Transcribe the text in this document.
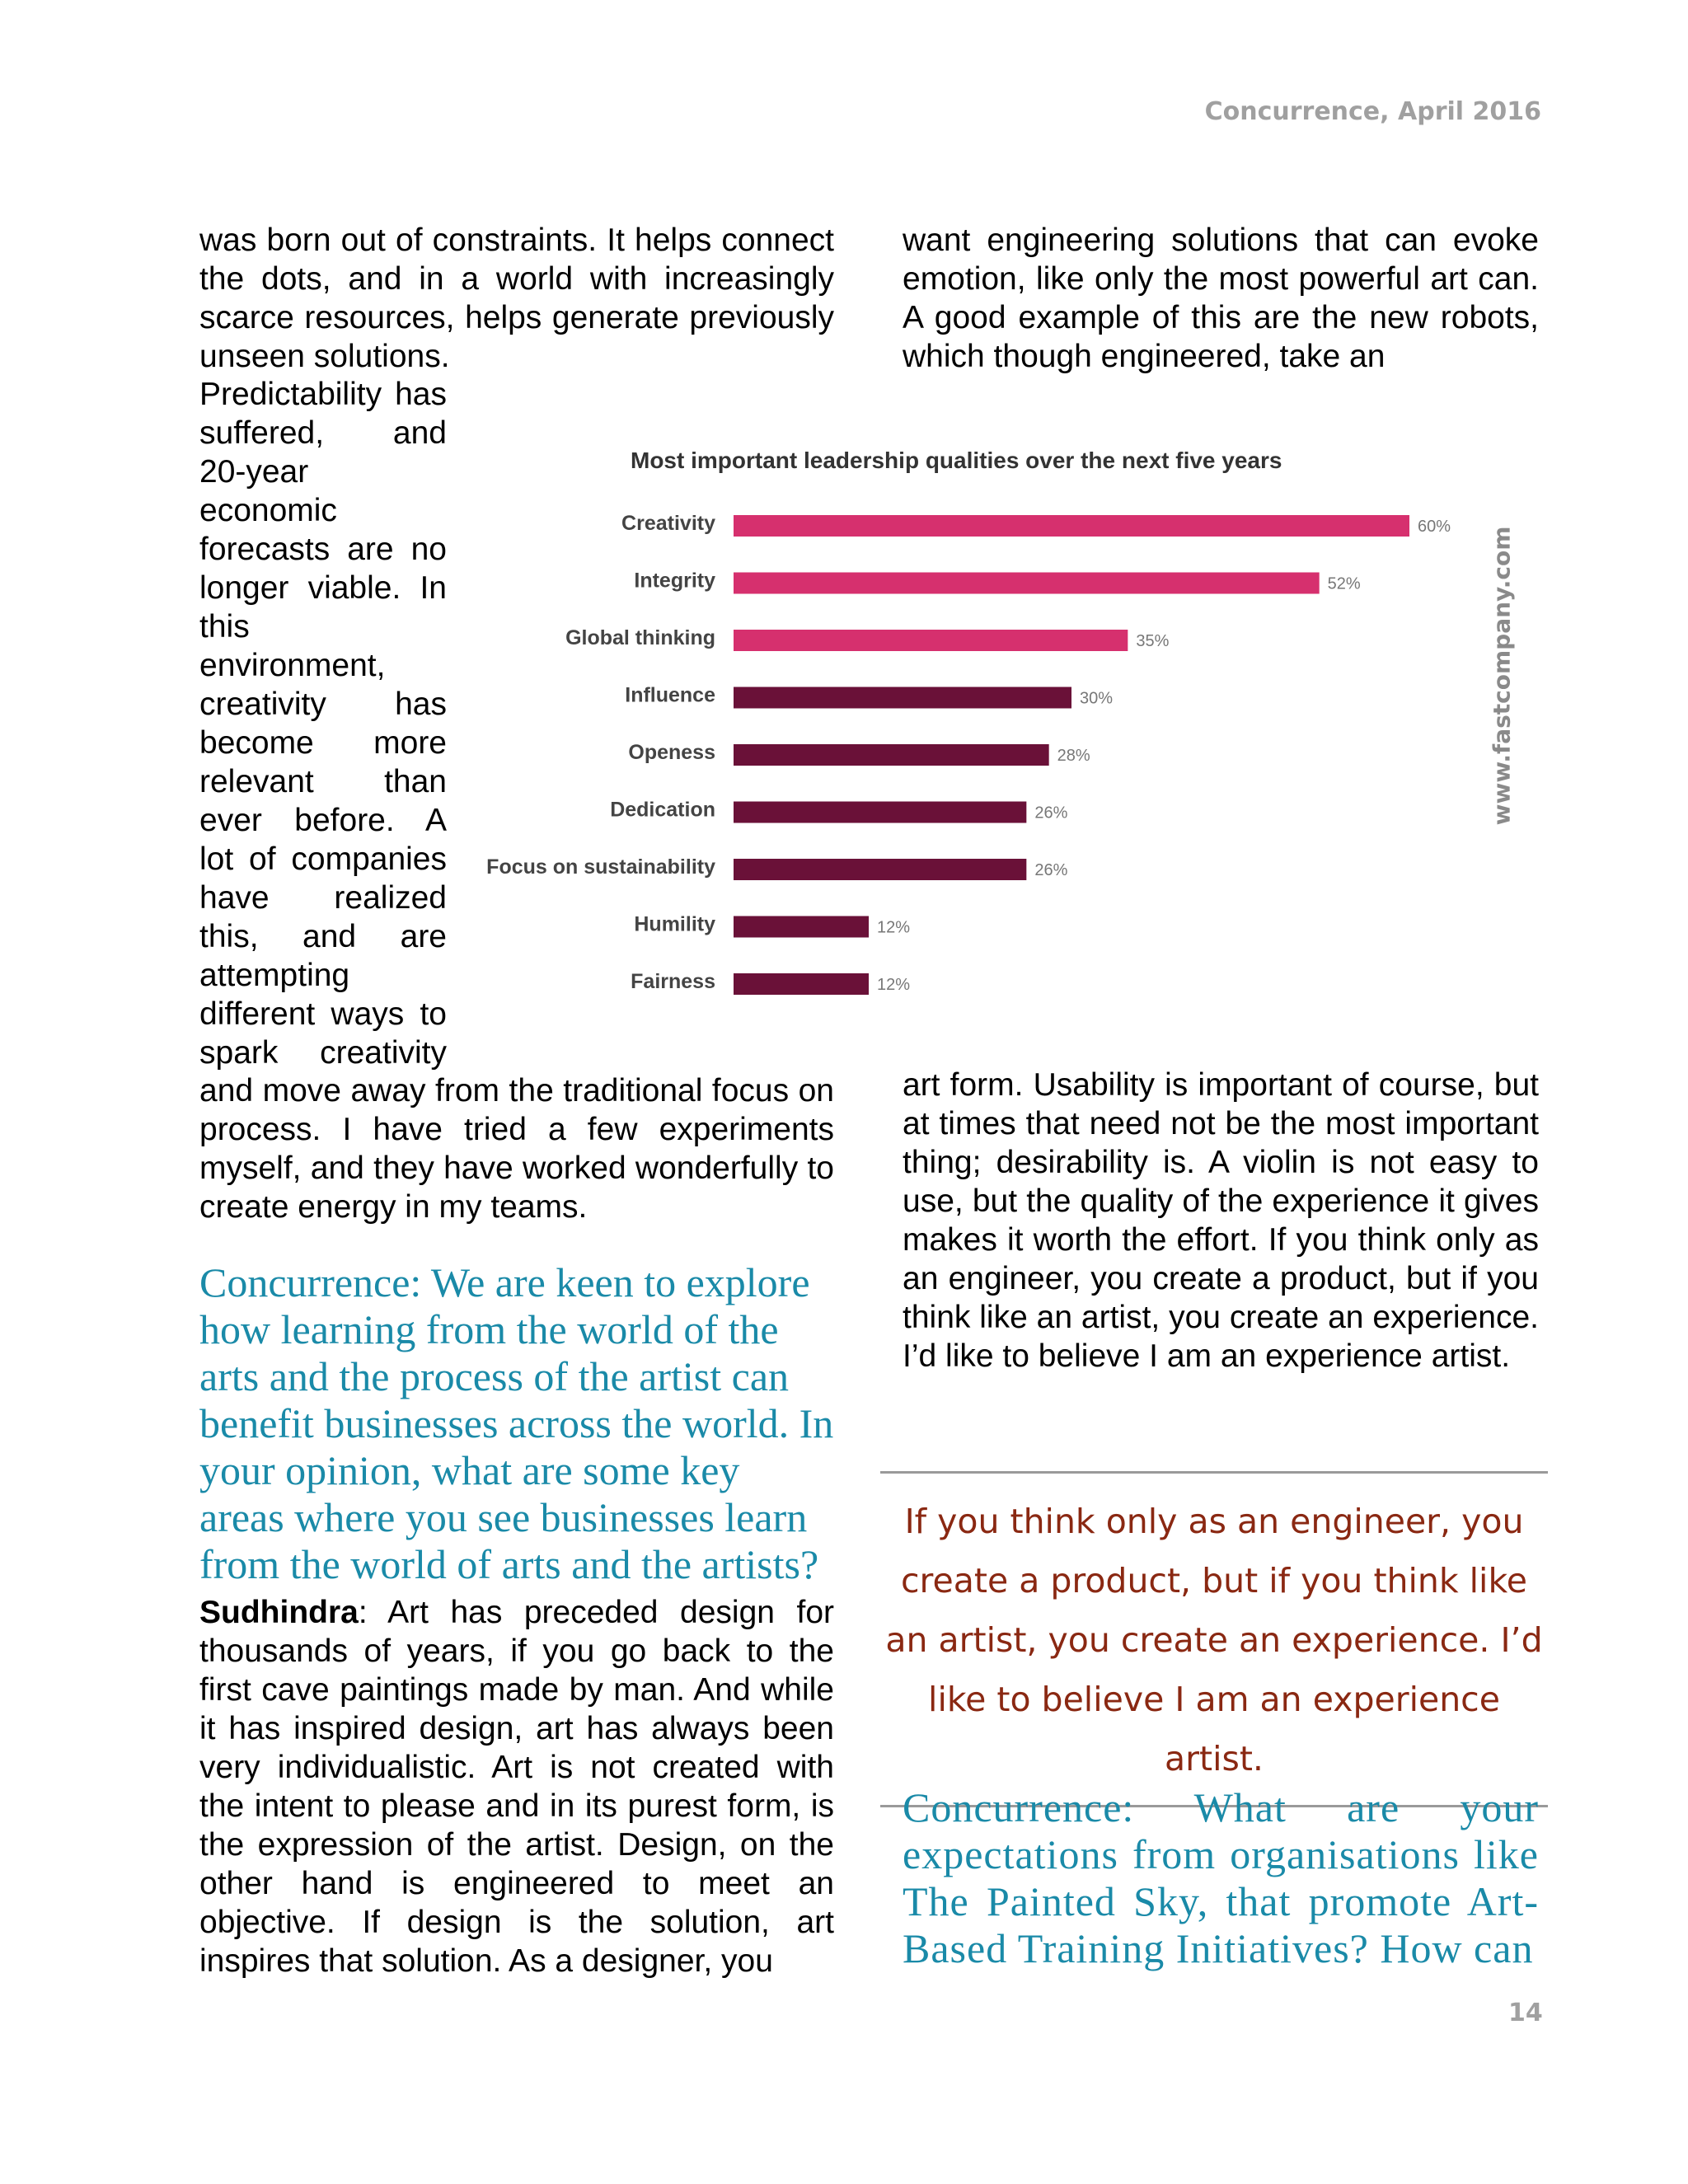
Concurrence, April 2016

was born out of constraints. It helps connect the dots, and in a world with increasingly scarce resources, helps generate previously unseen solutions.

Predictability has
suffered, and
20-year
economic
forecasts are no
longer viable. In
this
environment,
creativity has
become more
relevant than
ever before. A
lot of companies
have realized
this, and are
attempting
different ways to
spark creativity

and move away from the traditional focus on process. I have tried a few experiments myself, and they have worked wonderfully to create energy in my teams.

Concurrence: We are keen to explore how learning from the world of the arts and the process of the artist can benefit businesses across the world. In your opinion, what are some key areas where you see businesses learn from the world of arts and the artists?

Sudhindra: Art has preceded design for thousands of years, if you go back to the first cave paintings made by man. And while it has inspired design, art has always been very individualistic. Art is not created with the intent to please and in its purest form, is the expression of the artist. Design, on the other hand is engineered to meet an objective. If design is the solution, art inspires that solution. As a designer, you

want engineering solutions that can evoke emotion, like only the most powerful art can. A good example of this are the new robots, which though engineered, take an

art form. Usability is important of course, but at times that need not be the most important thing; desirability is. A violin is not easy to use, but the quality of the experience it gives makes it worth the effort. If you think only as an engineer, you create a product, but if you think like an artist, you create an experience. I’d like to believe I am an experience artist.

If you think only as an engineer, you create a product, but if you think like an artist, you create an experience. I’d like to believe I am an experience artist.

Concurrence: What are your expectations from organisations like The Painted Sky, that promote Art-Based Training Initiatives? How can
www.fastcompany.com
Most important leadership qualities over the next five years
Creativity	60%
Integrity	52%
Global thinking	35%
Influence	30%
Openess	28%
Dedication	26%
Focus on sustainability	26%
Humility	12%
Fairness	12%
14
